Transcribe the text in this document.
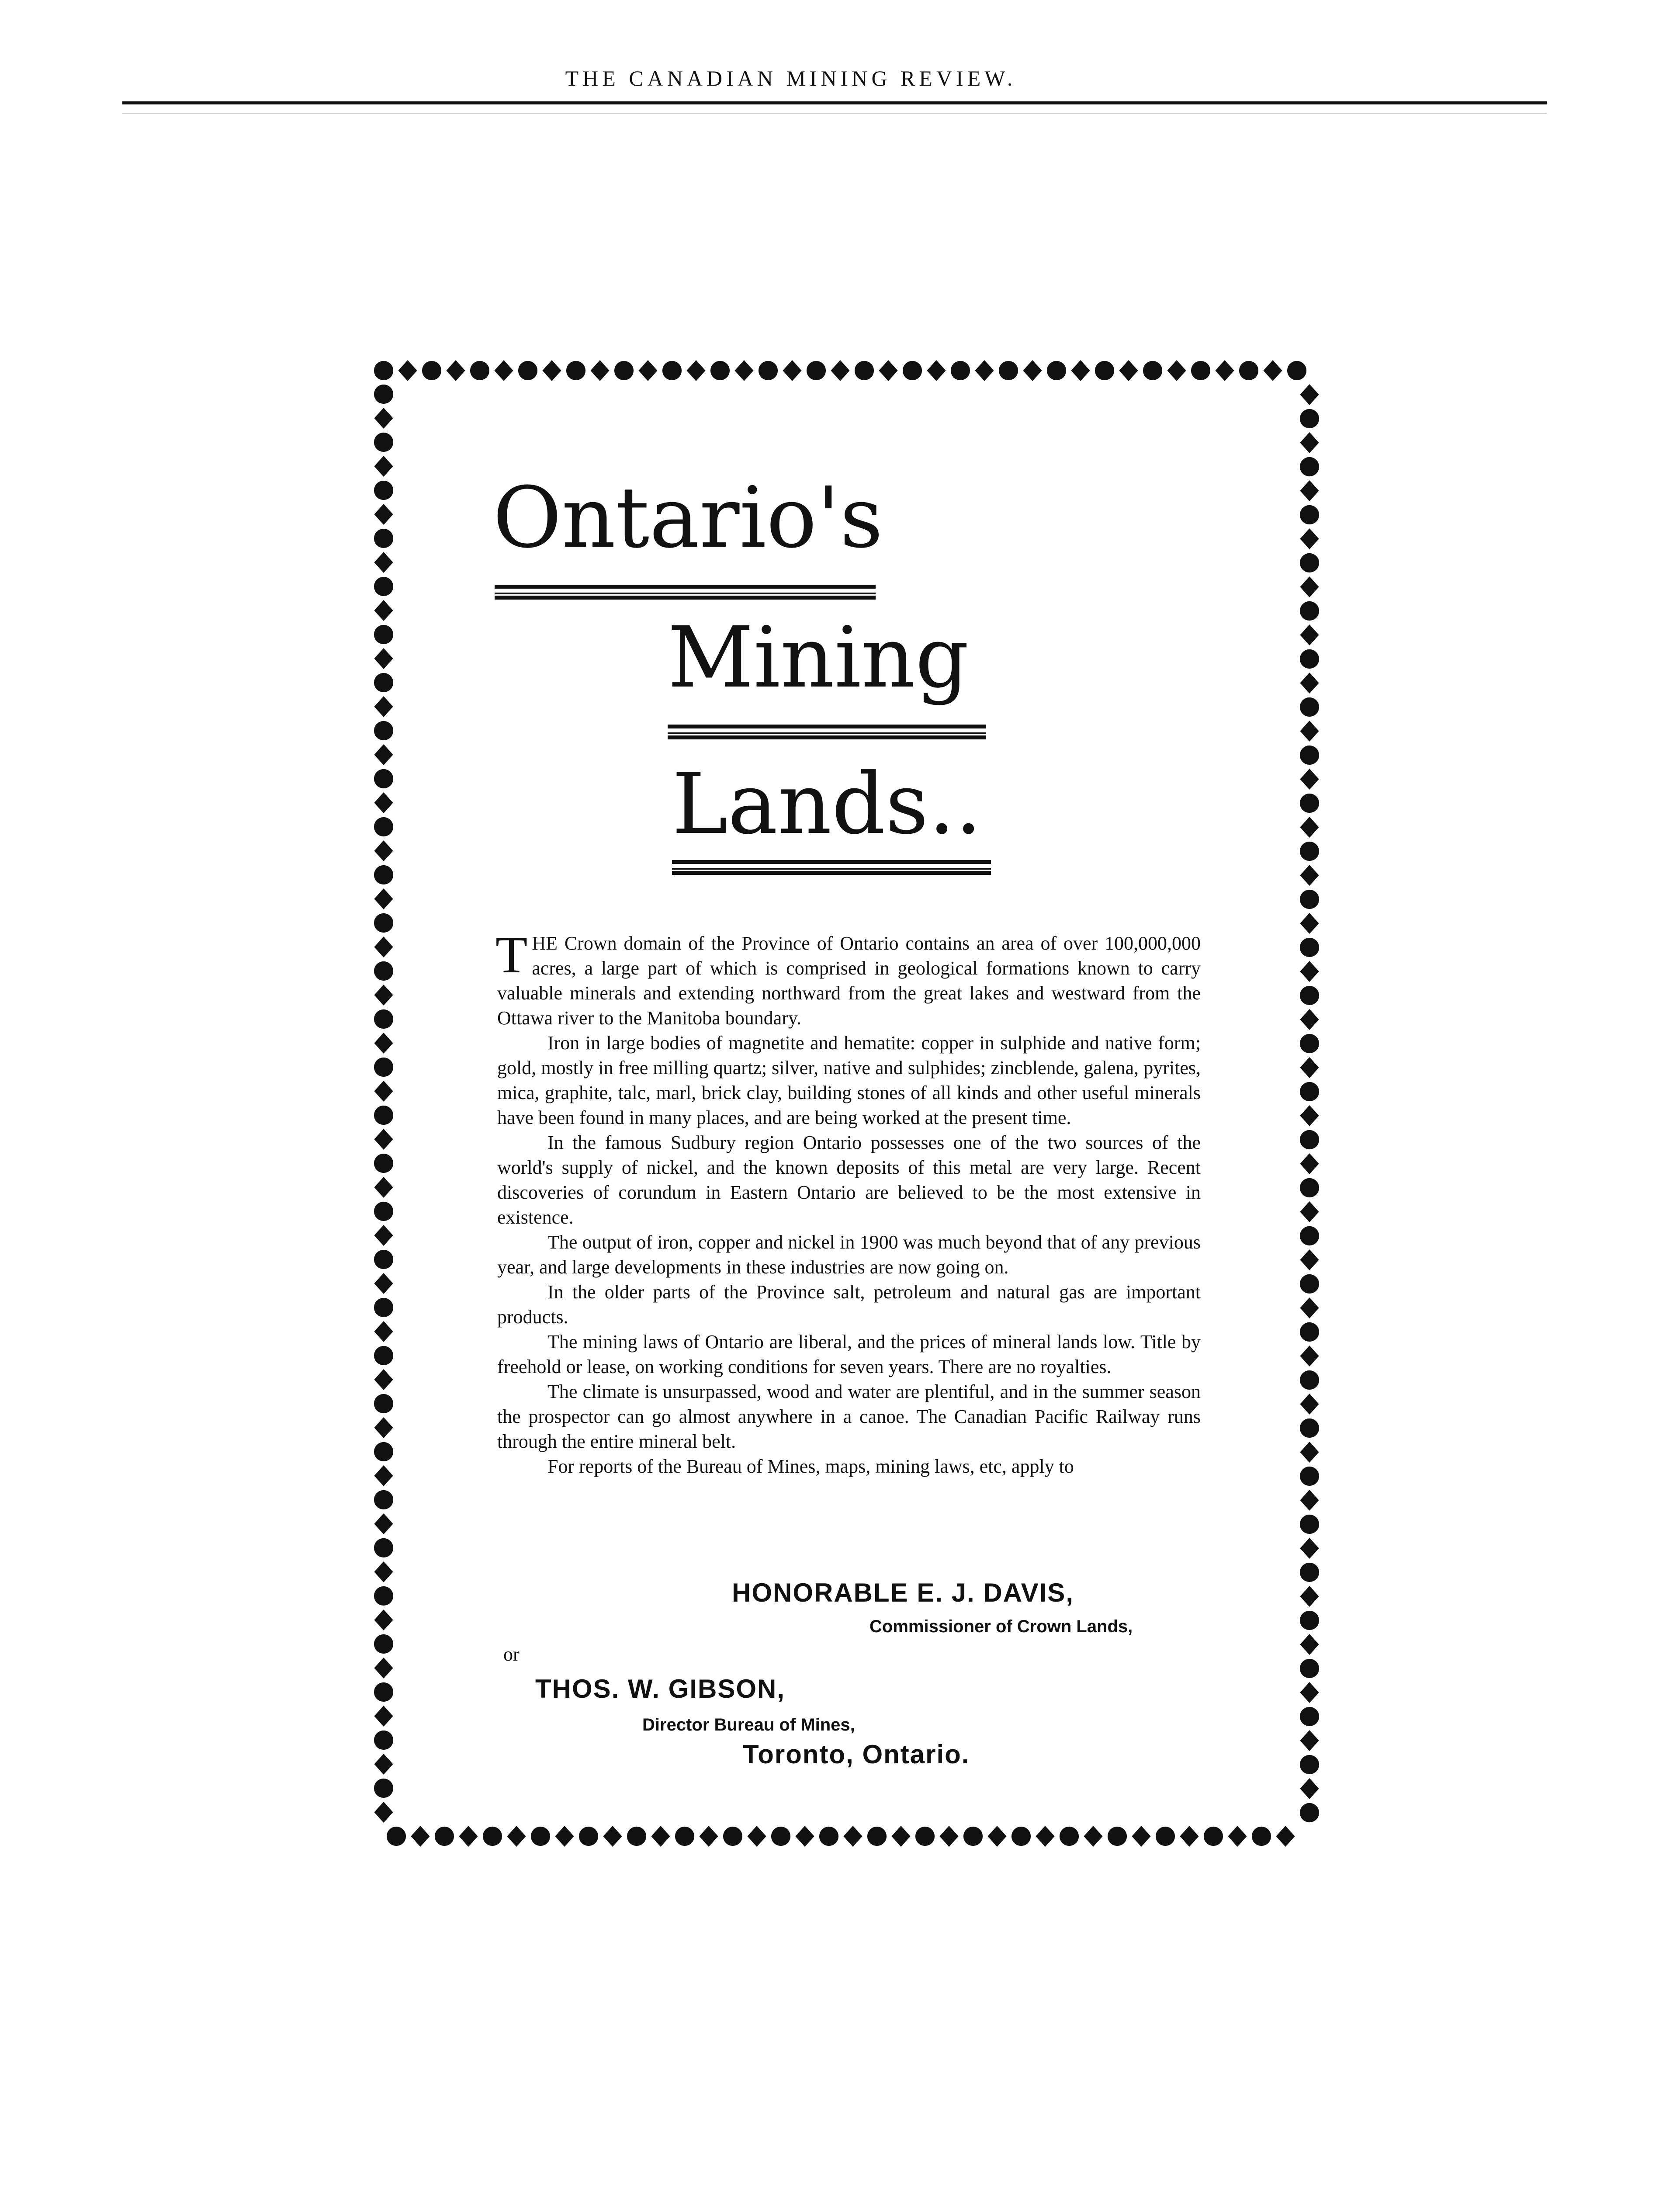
THE CANADIAN MINING REVIEW.
Ontario's
Mining
Lands..

THE Crown domain of the Province of Ontario contains an area of over 100,000,000 acres, a large part of which is comprised in geological formations known to carry valuable minerals and extending northward from the great lakes and westward from the Ottawa river to the Manitoba boundary.

Iron in large bodies of magnetite and hematite: copper in sulphide and native form; gold, mostly in free milling quartz; silver, native and sulphides; zincblende, galena, pyrites, mica, graphite, talc, marl, brick clay, building stones of all kinds and other useful minerals have been found in many places, and are being worked at the present time.

In the famous Sudbury region Ontario possesses one of the two sources of the world's supply of nickel, and the known deposits of this metal are very large. Recent discoveries of corundum in Eastern Ontario are believed to be the most extensive in existence.

The output of iron, copper and nickel in 1900 was much beyond that of any previous year, and large developments in these industries are now going on.

In the older parts of the Province salt, petroleum and natural gas are important products.

The mining laws of Ontario are liberal, and the prices of mineral lands low. Title by freehold or lease, on working conditions for seven years. There are no royalties.

The climate is unsurpassed, wood and water are plentiful, and in the summer season the prospector can go almost anywhere in a canoe. The Canadian Pacific Railway runs through the entire mineral belt.

For reports of the Bureau of Mines, maps, mining laws, etc, apply to

HONORABLE E. J. DAVIS,
Commissioner of Crown Lands,
or
THOS. W. GIBSON,
Director Bureau of Mines,
Toronto, Ontario.
